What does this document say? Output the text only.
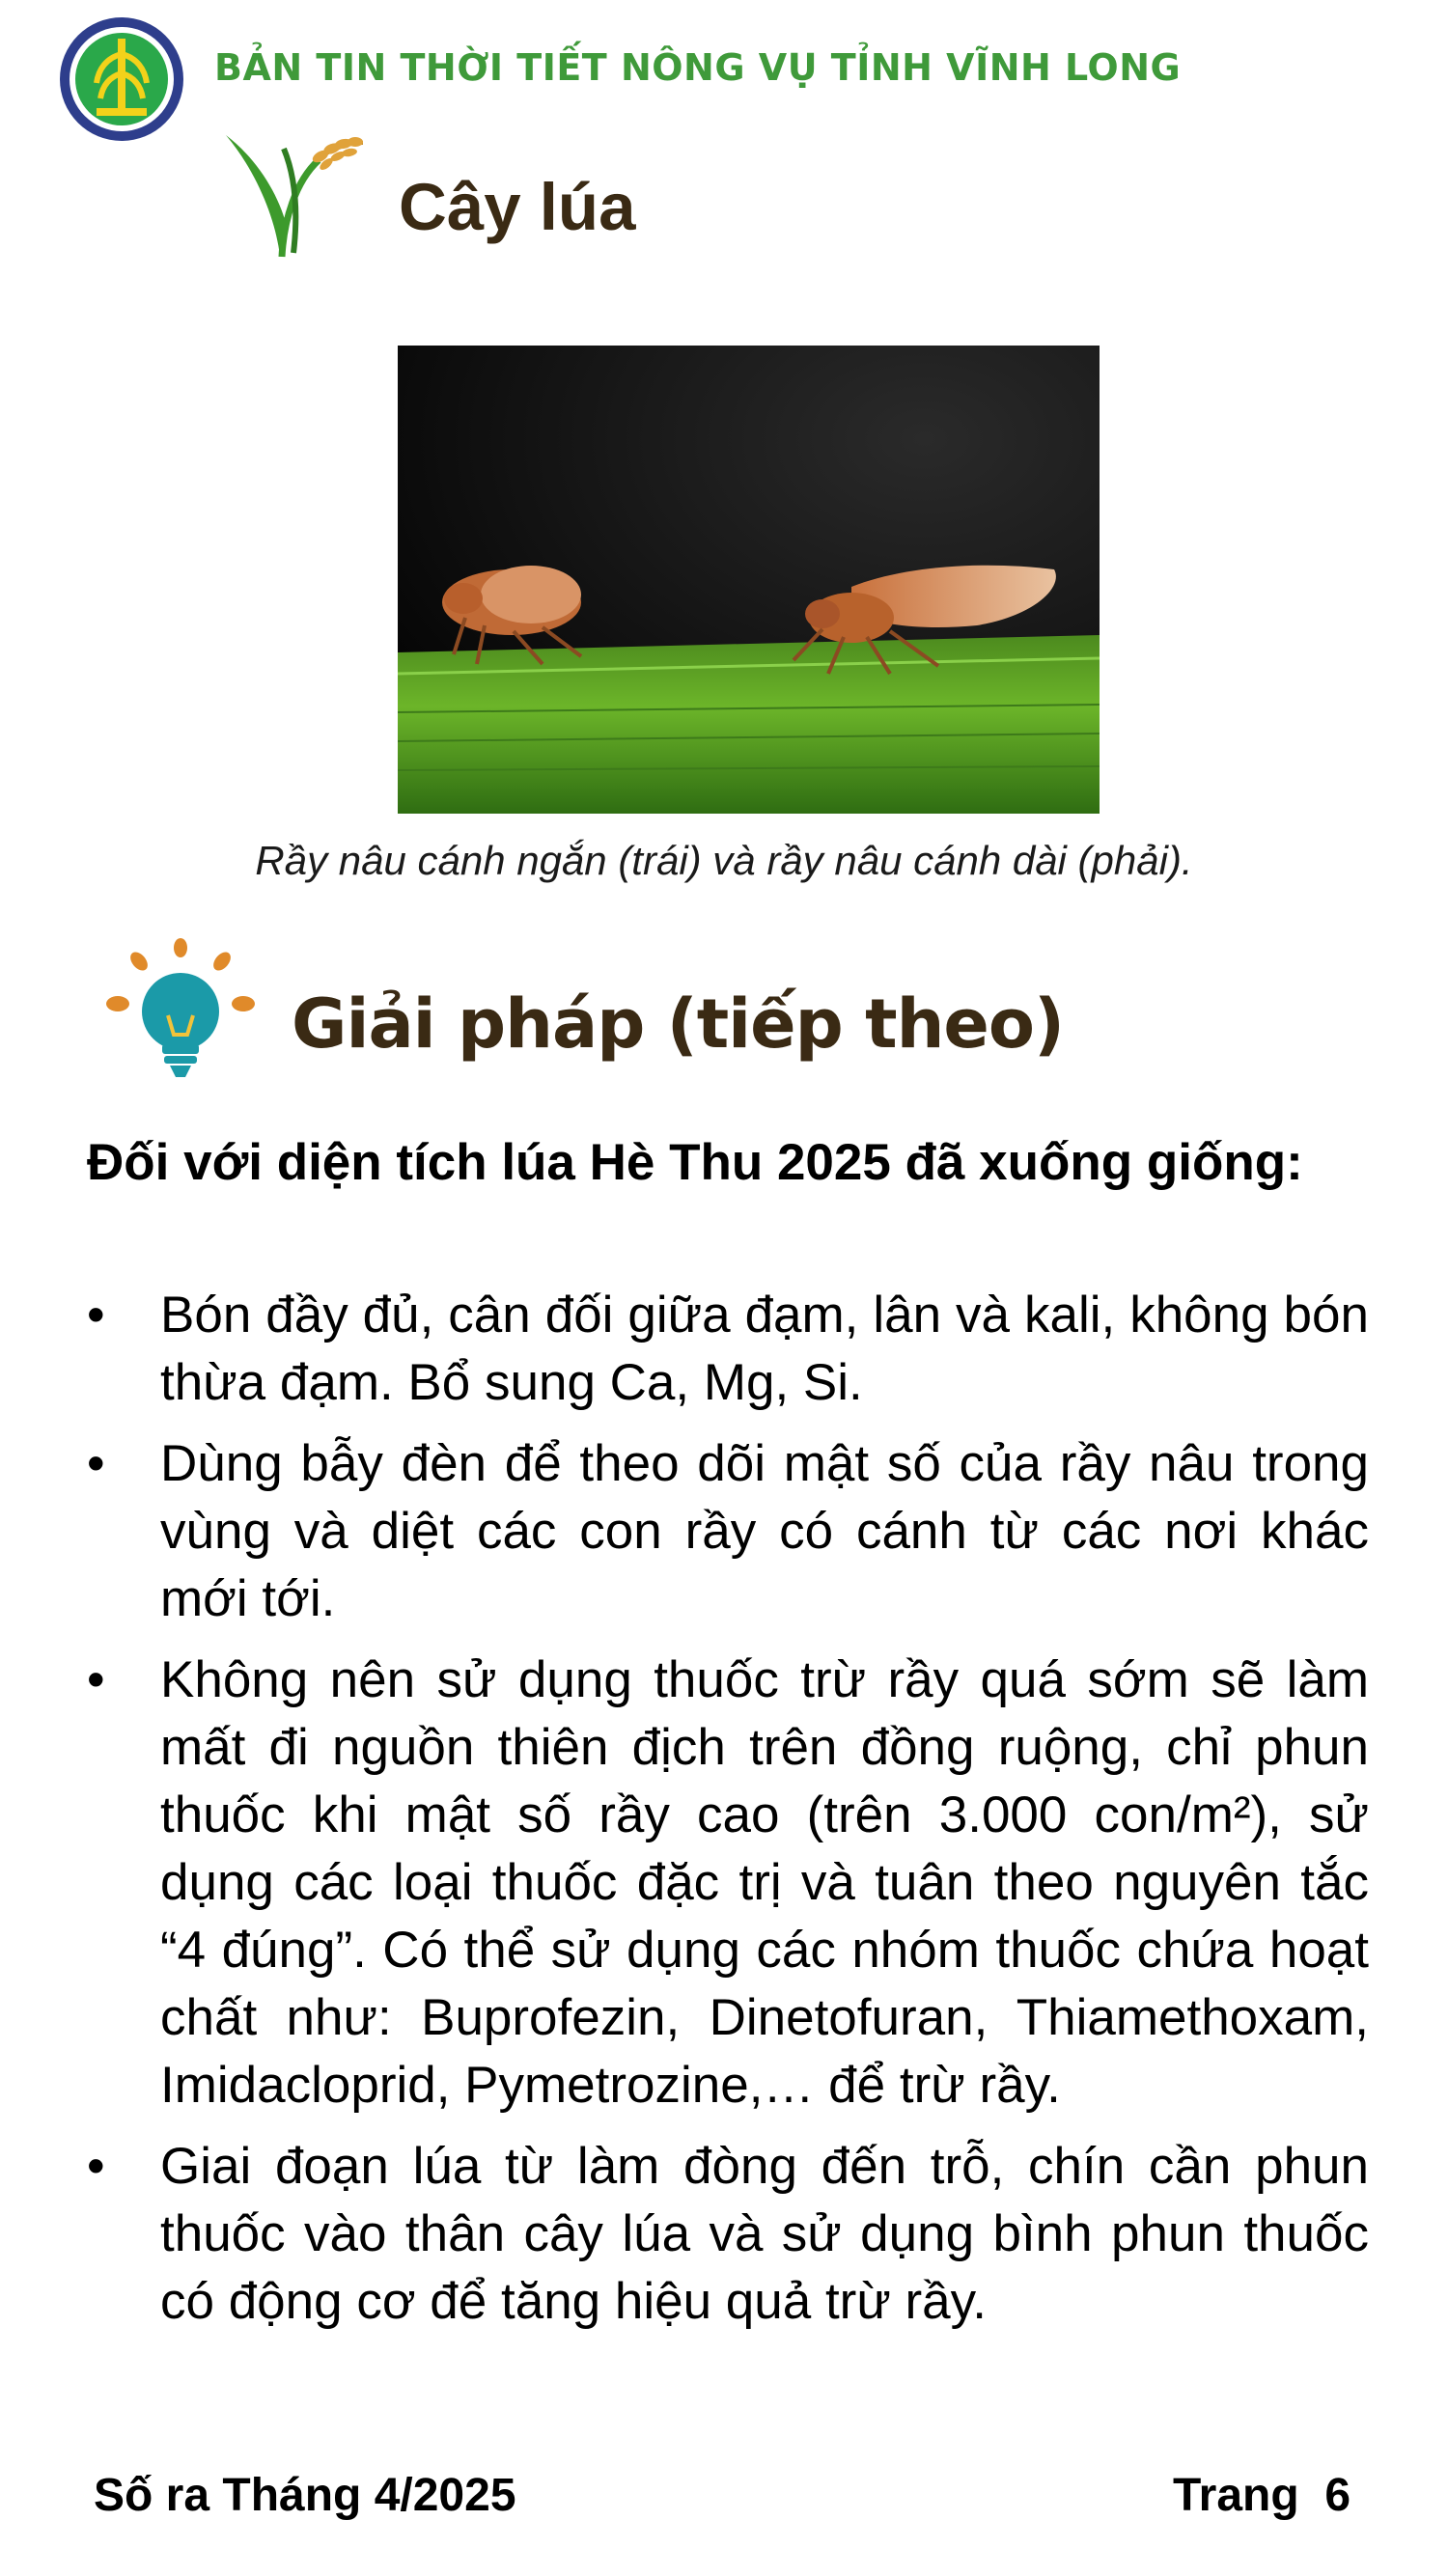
BẢN TIN THỜI TIẾT NÔNG VỤ TỈNH VĨNH LONG
Cây lúa
Rầy nâu cánh ngắn (trái) và rầy nâu cánh dài (phải).
Giải pháp (tiếp theo)
Đối với diện tích lúa Hè Thu 2025 đã xuống giống:
•	Bón đầy đủ, cân đối giữa đạm, lân và kali, không bón thừa đạm. Bổ sung Ca, Mg, Si.
•	Dùng bẫy đèn để theo dõi mật số của rầy nâu trong vùng và diệt các con rầy có cánh từ các nơi khác mới tới.
•	Không nên sử dụng thuốc trừ rầy quá sớm sẽ làm mất đi nguồn thiên địch trên đồng ruộng, chỉ phun thuốc khi mật số rầy cao (trên 3.000 con/m²), sử dụng các loại thuốc đặc trị và tuân theo nguyên tắc “4 đúng”. Có thể sử dụng các nhóm thuốc chứa hoạt chất như: Buprofezin, Dinetofuran, Thiamethoxam, Imidacloprid, Pymetrozine,… để trừ rầy.
•	Giai đoạn lúa từ làm đòng đến trỗ, chín cần phun thuốc vào thân cây lúa và sử dụng bình phun thuốc có động cơ để tăng hiệu quả trừ rầy.
Số ra Tháng 4/2025	Trang  6
